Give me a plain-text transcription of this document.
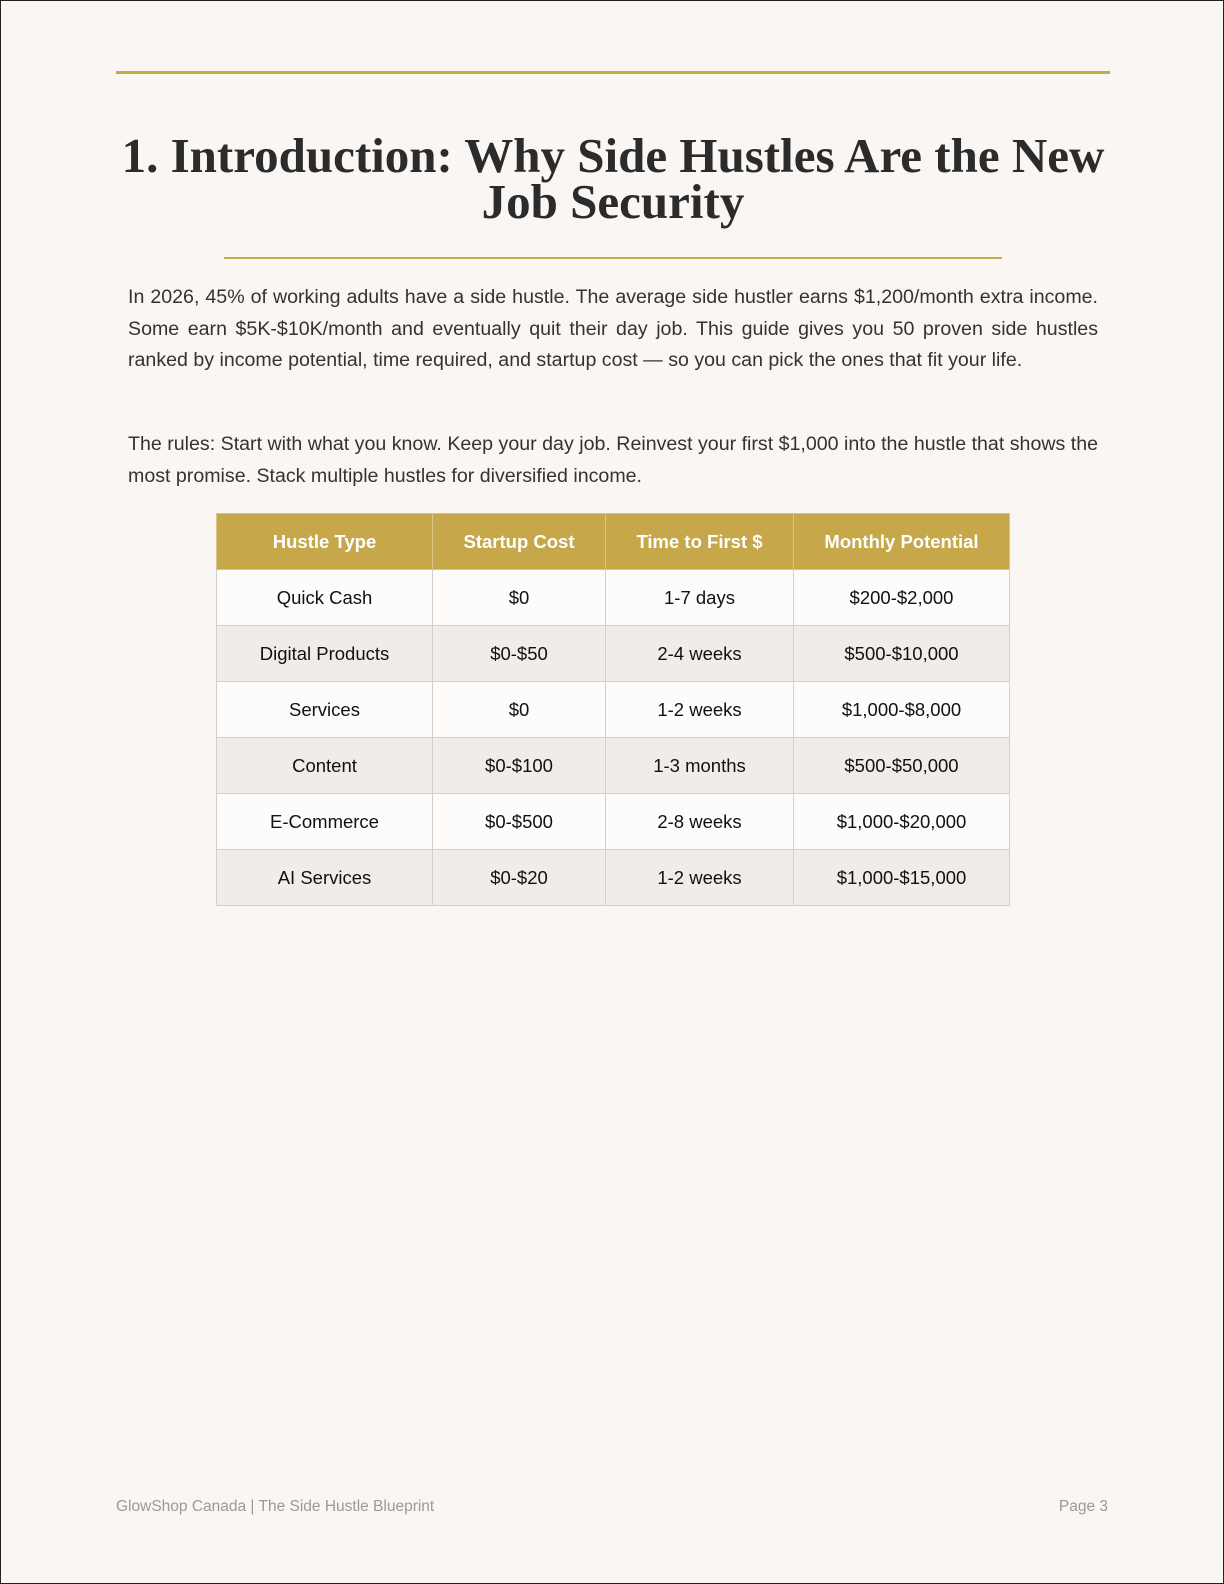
1. Introduction: Why Side Hustles Are the New Job Security

In 2026, 45% of working adults have a side hustle. The average side hustler earns $1,200/month extra income. Some earn $5K-$10K/month and eventually quit their day job. This guide gives you 50 proven side hustles ranked by income potential, time required, and startup cost — so you can pick the ones that fit your life.

The rules: Start with what you know. Keep your day job. Reinvest your first $1,000 into the hustle that shows the most promise. Stack multiple hustles for diversified income.

Hustle Type	Startup Cost	Time to First $	Monthly Potential
Quick Cash	$0	1-7 days	$200-$2,000
Digital Products	$0-$50	2-4 weeks	$500-$10,000
Services	$0	1-2 weeks	$1,000-$8,000
Content	$0-$100	1-3 months	$500-$50,000
E-Commerce	$0-$500	2-8 weeks	$1,000-$20,000
AI Services	$0-$20	1-2 weeks	$1,000-$15,000
GlowShop Canada | The Side Hustle Blueprint	Page 3
